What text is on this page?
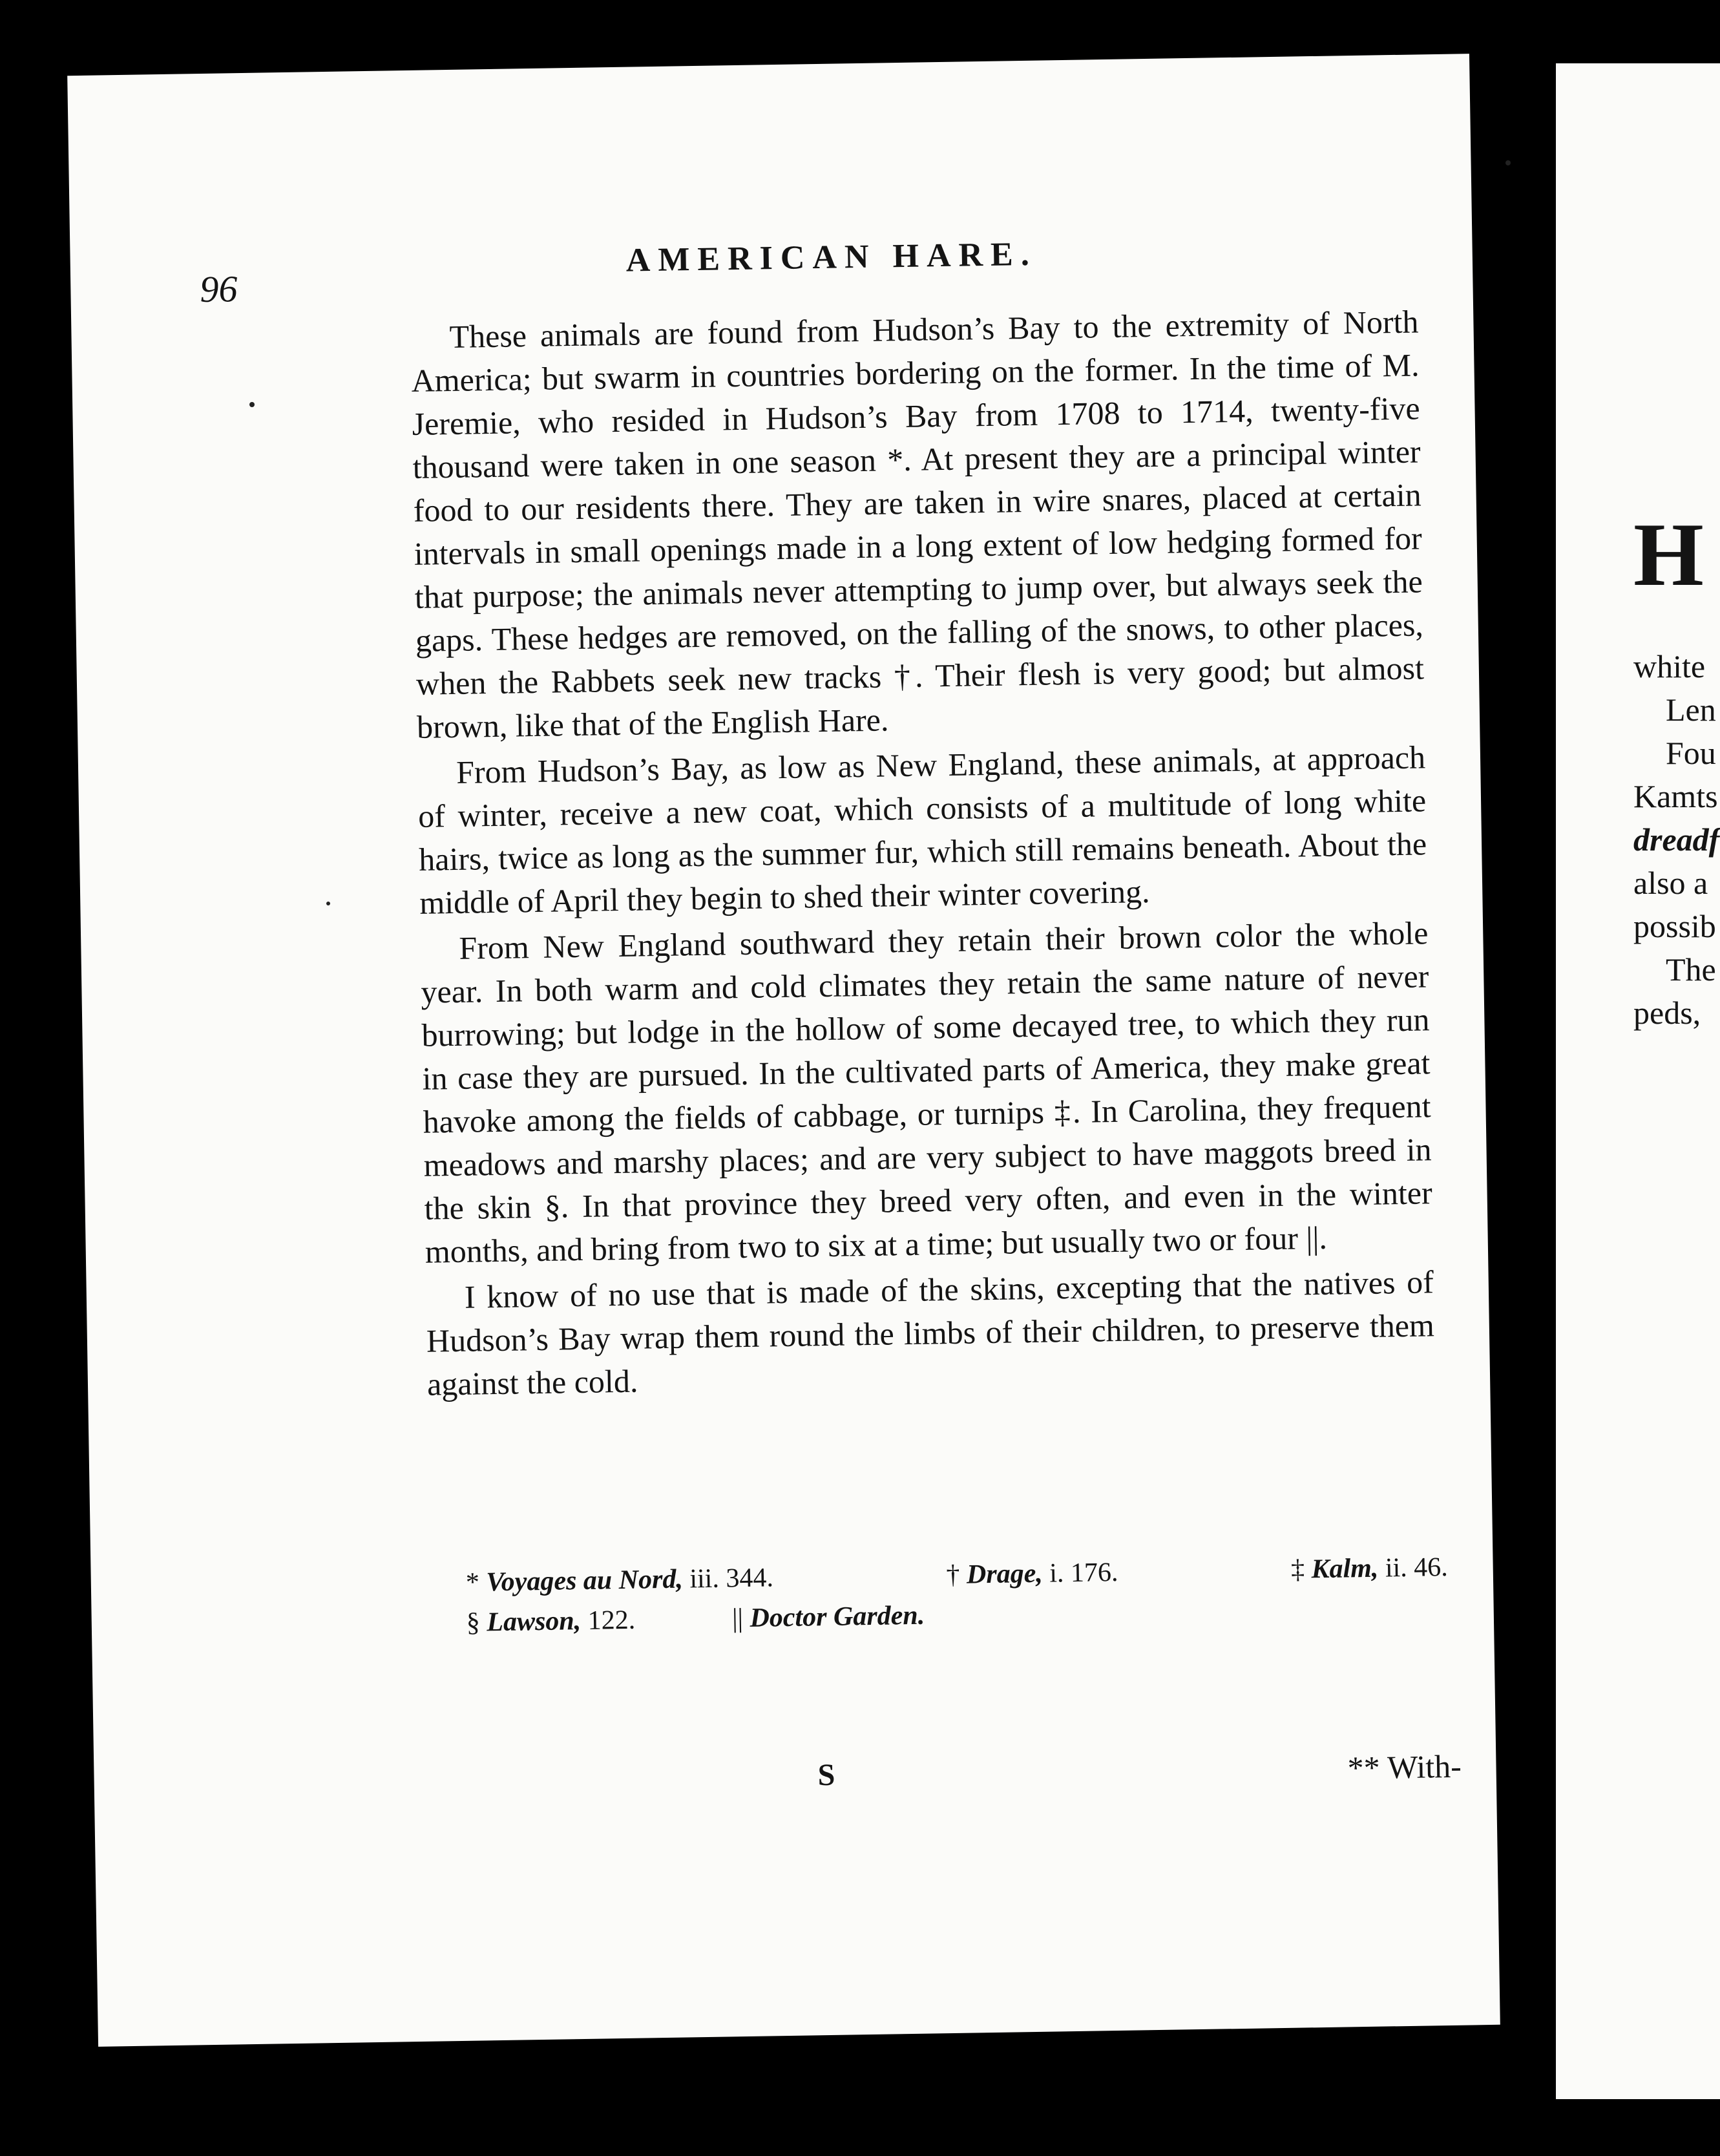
96
AMERICAN HARE.

These animals are found from Hudson’s Bay to the extremity of North America; but swarm in countries bordering on the former. In the time of M. Jeremie, who resided in Hudson’s Bay from 1708 to 1714, twenty-five thousand were taken in one season *. At present they are a principal winter food to our residents there. They are taken in wire snares, placed at certain intervals in small openings made in a long extent of low hedging formed for that purpose; the animals never attempting to jump over, but always seek the gaps. These hedges are removed, on the falling of the snows, to other places, when the Rabbets seek new tracks †. Their flesh is very good; but almost brown, like that of the English Hare.

From Hudson’s Bay, as low as New England, these animals, at approach of winter, receive a new coat, which consists of a multitude of long white hairs, twice as long as the summer fur, which still remains beneath. About the middle of April they begin to shed their winter covering.

From New England southward they retain their brown color the whole year. In both warm and cold climates they retain the same nature of never burrowing; but lodge in the hollow of some decayed tree, to which they run in case they are pursued. In the cultivated parts of America, they make great havoke among the fields of cabbage, or turnips ‡. In Carolina, they frequent meadows and marshy places; and are very subject to have maggots breed in the skin §. In that province they breed very often, and even in the winter months, and bring from two to six at a time; but usually two or four ||.

I know of no use that is made of the skins, excepting that the natives of Hudson’s Bay wrap them round the limbs of their children, to preserve them against the cold.

* Voyages au Nord, iii. 344.	† Drage, i. 176.	‡ Kalm, ii. 46.
§ Lawson, 122.	|| Doctor Garden.
S	** With-
H
white
Len
Fou
Kamts
dreadf
also a
possib
The
peds,
